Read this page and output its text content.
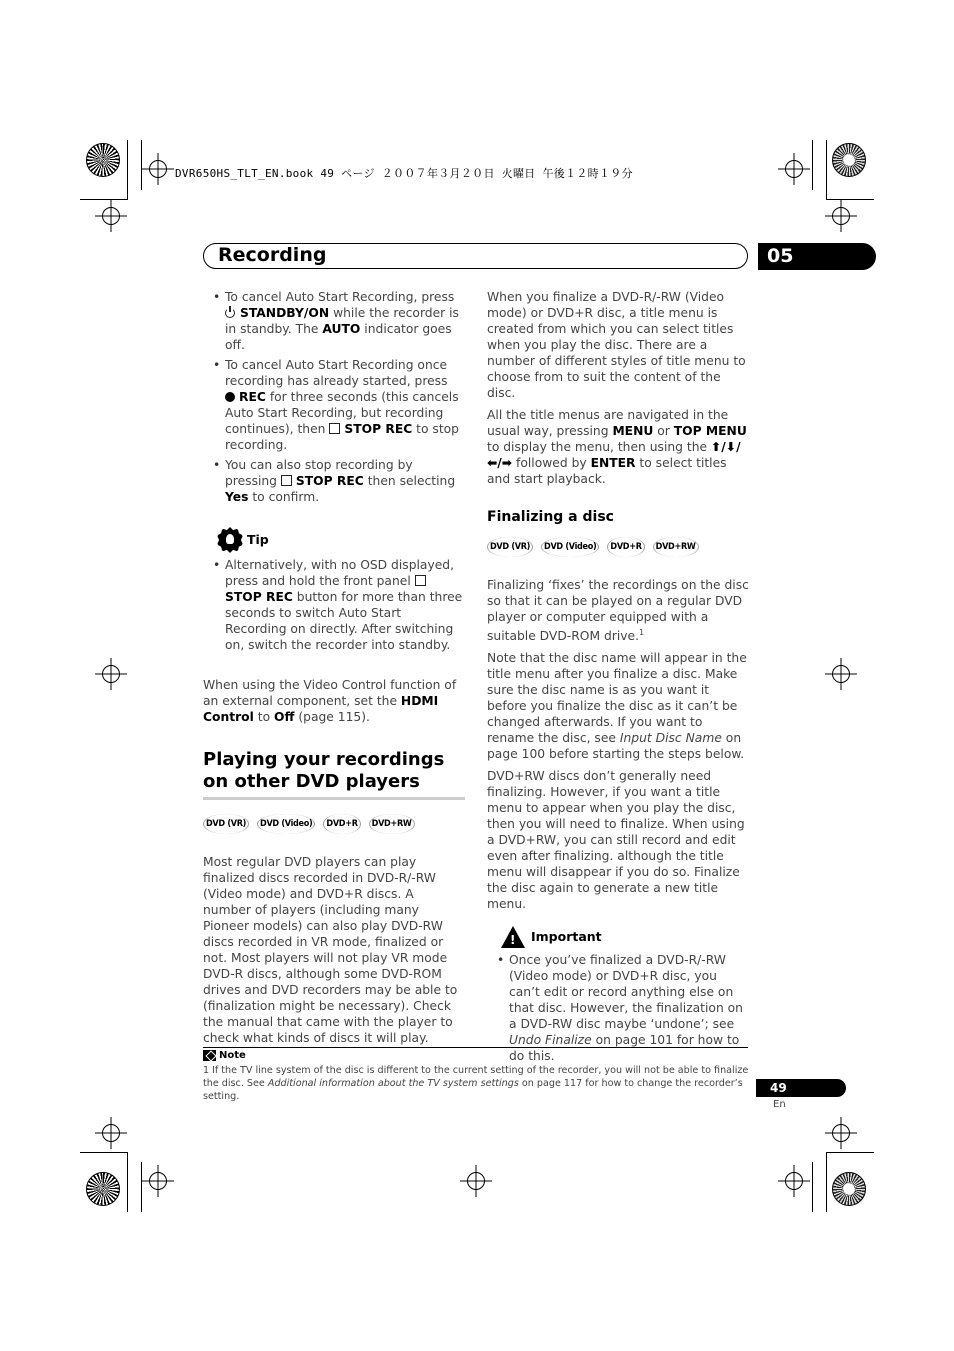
DVR650HS_TLT_EN.book 49 ページ ２００７年３月２０日 火曜日 午後１２時１９分
Recording	05
• To cancel Auto Start Recording, press STANDBY/ON while the recorder is in standby. The AUTO indicator goes off.
• To cancel Auto Start Recording once recording has already started, press REC for three seconds (this cancels Auto Start Recording, but recording continues), then STOP REC to stop recording.
• You can also stop recording by pressing STOP REC then selecting Yes to confirm.
Tip
• Alternatively, with no OSD displayed, press and hold the front panel STOP REC button for more than three seconds to switch Auto Start Recording on directly. After switching on, switch the recorder into standby.

When using the Video Control function of an external component, set the HDMI Control to Off (page 115).

Playing your recordings on other DVD players
DVD (VR)	DVD (Video)	DVD+R	DVD+RW

Most regular DVD players can play finalized discs recorded in DVD-R/-RW (Video mode) and DVD+R discs. A number of players (including many Pioneer models) can also play DVD-RW discs recorded in VR mode, finalized or not. Most players will not play VR mode DVD-R discs, although some DVD-ROM drives and DVD recorders may be able to (finalization might be necessary). Check the manual that came with the player to check what kinds of discs it will play.

When you finalize a DVD-R/-RW (Video mode) or DVD+R disc, a title menu is created from which you can select titles when you play the disc. There are a number of different styles of title menu to choose from to suit the content of the disc.

All the title menus are navigated in the usual way, pressing MENU or TOP MENU to display the menu, then using the ⬆/⬇/⬅/➡ followed by ENTER to select titles and start playback.

Finalizing a disc
DVD (VR)	DVD (Video)	DVD+R	DVD+RW

Finalizing ‘fixes’ the recordings on the disc so that it can be played on a regular DVD player or computer equipped with a suitable DVD-ROM drive.$^1$

Note that the disc name will appear in the title menu after you finalize a disc. Make sure the disc name is as you want it before you finalize the disc as it can’t be changed afterwards. If you want to rename the disc, see Input Disc Name on page 100 before starting the steps below.

DVD+RW discs don’t generally need finalizing. However, if you want a title menu to appear when you play the disc, then you will need to finalize. When using a DVD+RW, you can still record and edit even after finalizing. although the title menu will disappear if you do so. Finalize the disc again to generate a new title menu.

!
Important
• Once you’ve finalized a DVD-R/-RW (Video mode) or DVD+R disc, you can’t edit or record anything else on that disc. However, the finalization on a DVD-RW disc maybe ‘undone’; see Undo Finalize on page 101 for how to do this.
Note
1 If the TV line system of the disc is different to the current setting of the recorder, you will not be able to finalize the disc. See Additional information about the TV system settings on page 117 for how to change the recorder’s setting.
49
En
